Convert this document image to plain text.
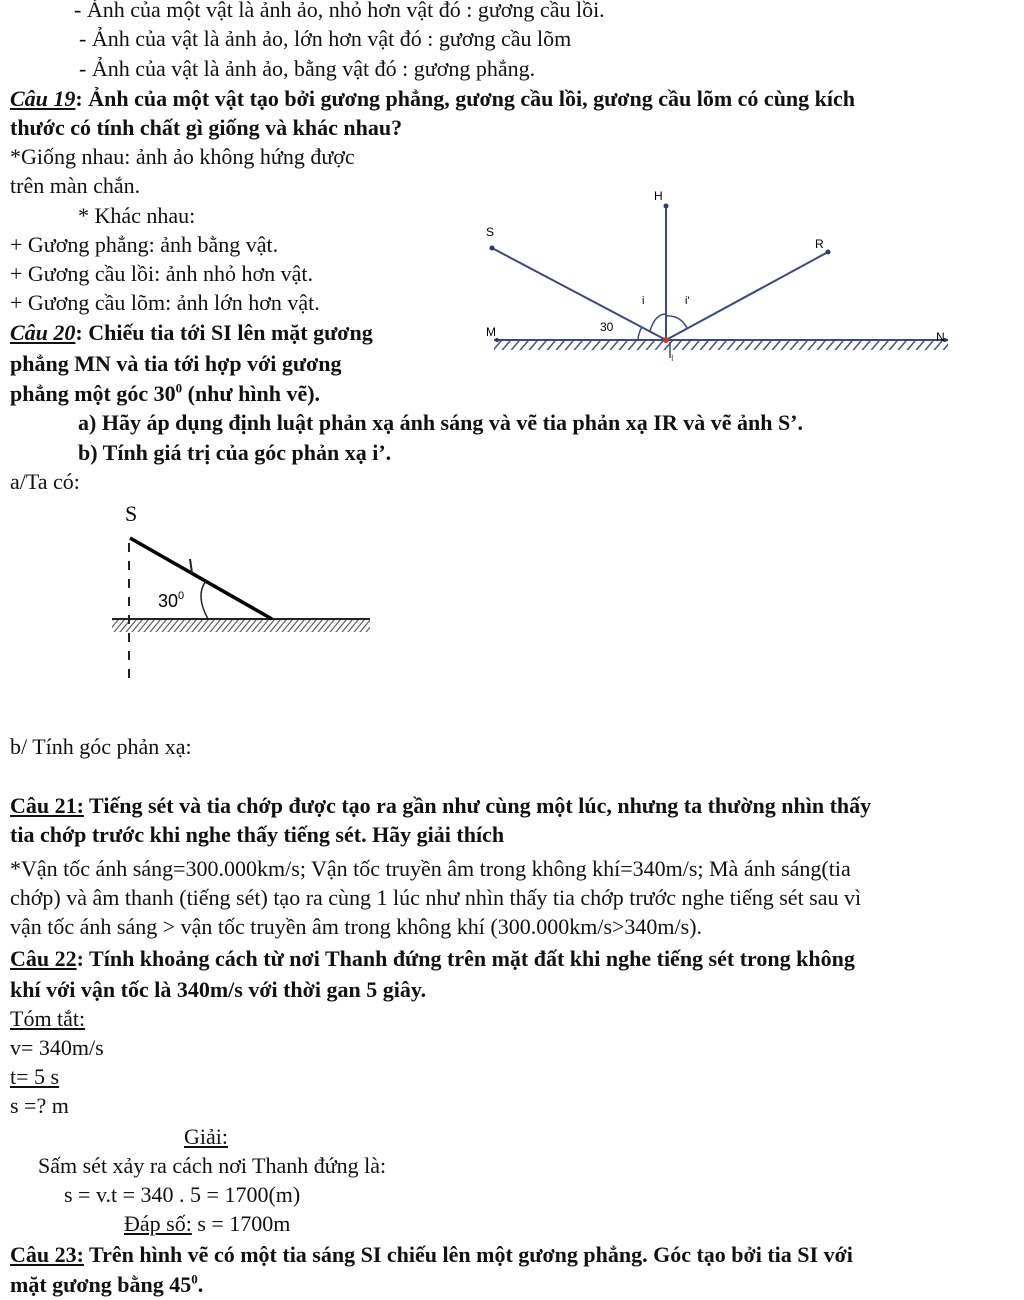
- Ảnh của một vật là ảnh ảo, nhỏ hơn vật đó : gương cầu lồi.
- Ảnh của vật là ảnh ảo, lớn hơn vật đó : gương cầu lõm
- Ảnh của vật là ảnh ảo, bằng vật đó : gương phẳng.
Câu 19: Ảnh của một vật tạo bởi gương phẳng, gương cầu lồi, gương cầu lõm có cùng kích
thước có tính chất gì giống và khác nhau?
*Giống nhau: ảnh ảo không hứng được
trên màn chắn.
* Khác nhau:
+ Gương phẳng: ảnh bằng vật.
+ Gương cầu lồi: ảnh nhỏ hơn vật.
+ Gương cầu lõm: ảnh lớn hơn vật.
Câu 20: Chiếu tia tới SI lên mặt gương
phẳng MN và tia tới hợp với gương
phẳng một góc $30^0$ (như hình vẽ).
a) Hãy áp dụng định luật phản xạ ánh sáng và vẽ tia phản xạ IR và vẽ ảnh S’.
b) Tính giá trị của góc phản xạ i’.
a/Ta có:
H
S
R
i	i'
30
M	N
I
S
$30^0$
b/ Tính góc phản xạ:
Câu 21: Tiếng sét và tia chớp được tạo ra gần như cùng một lúc, nhưng ta thường nhìn thấy
tia chớp trước khi nghe thấy tiếng sét. Hãy giải thích
*Vận tốc ánh sáng=300.000km/s; Vận tốc truyền âm trong không khí=340m/s; Mà ánh sáng(tia
chớp) và âm thanh (tiếng sét) tạo ra cùng 1 lúc như nhìn thấy tia chớp trước nghe tiếng sét sau vì
vận tốc ánh sáng > vận tốc truyền âm trong không khí (300.000km/s>340m/s).
Câu 22: Tính khoảng cách từ nơi Thanh đứng trên mặt đất khi nghe tiếng sét trong không
khí với vận tốc là 340m/s với thời gan 5 giây.
Tóm tắt:
v= 340m/s
t= 5 s
s =? m
Giải:
Sấm sét xảy ra cách nơi Thanh đứng là:
s = v.t = 340 . 5 = 1700(m)
Đáp số: s = 1700m
Câu 23: Trên hình vẽ có một tia sáng SI chiếu lên một gương phẳng. Góc tạo bởi tia SI với
mặt gương bằng $45^0$.
